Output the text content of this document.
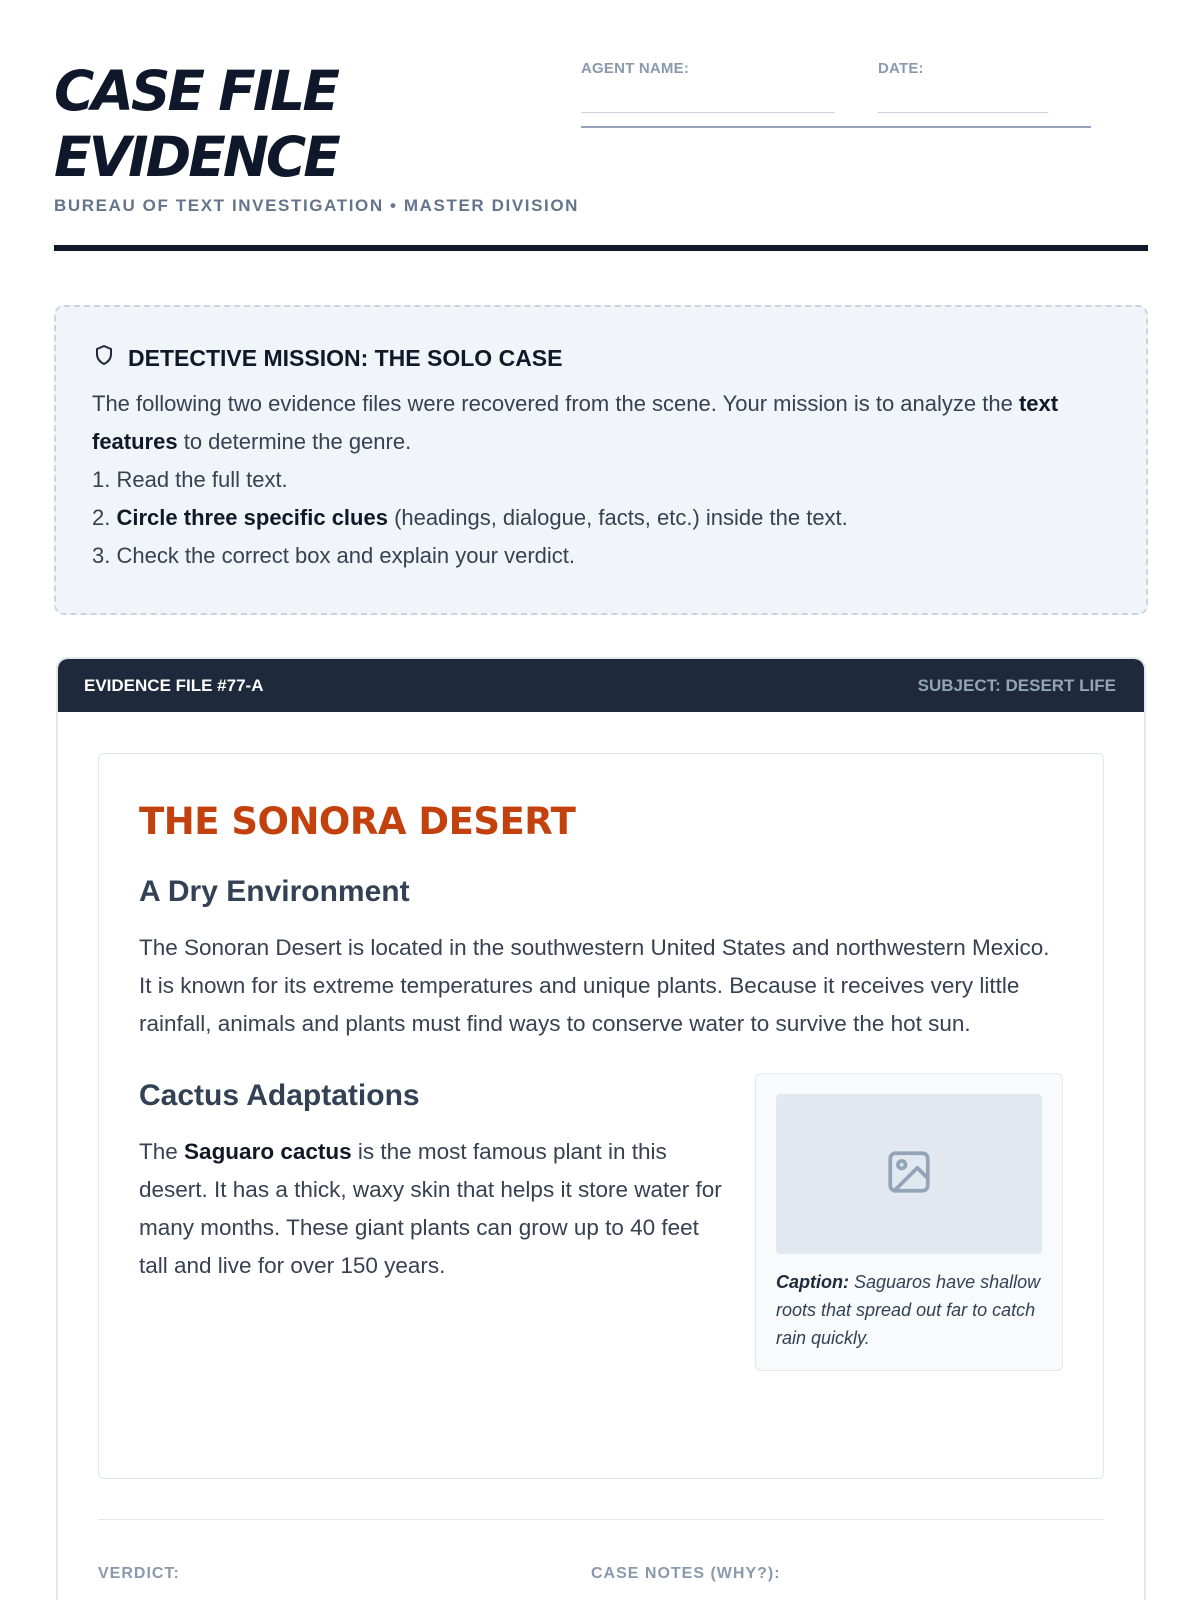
CASE FILE
EVIDENCE
BUREAU OF TEXT INVESTIGATION • MASTER DIVISION
AGENT NAME:	DATE:
DETECTIVE MISSION: THE SOLO CASE
The following two evidence files were recovered from the scene. Your mission is to analyze the text features to determine the genre.
1. Read the full text.
2. Circle three specific clues (headings, dialogue, facts, etc.) inside the text.
3. Check the correct box and explain your verdict.
EVIDENCE FILE #77-A	SUBJECT: DESERT LIFE
THE SONORA DESERT
A Dry Environment

The Sonoran Desert is located in the southwestern United States and northwestern Mexico. It is known for its extreme temperatures and unique plants. Because it receives very little rainfall, animals and plants must find ways to conserve water to survive the hot sun.

Cactus Adaptations

The Saguaro cactus is the most famous plant in this desert. It has a thick, waxy skin that helps it store water for many months. These giant plants can grow up to 40 feet tall and live for over 150 years.

Caption: Saguaros have shallow roots that spread out far to catch rain quickly.
VERDICT:	CASE NOTES (WHY?):
